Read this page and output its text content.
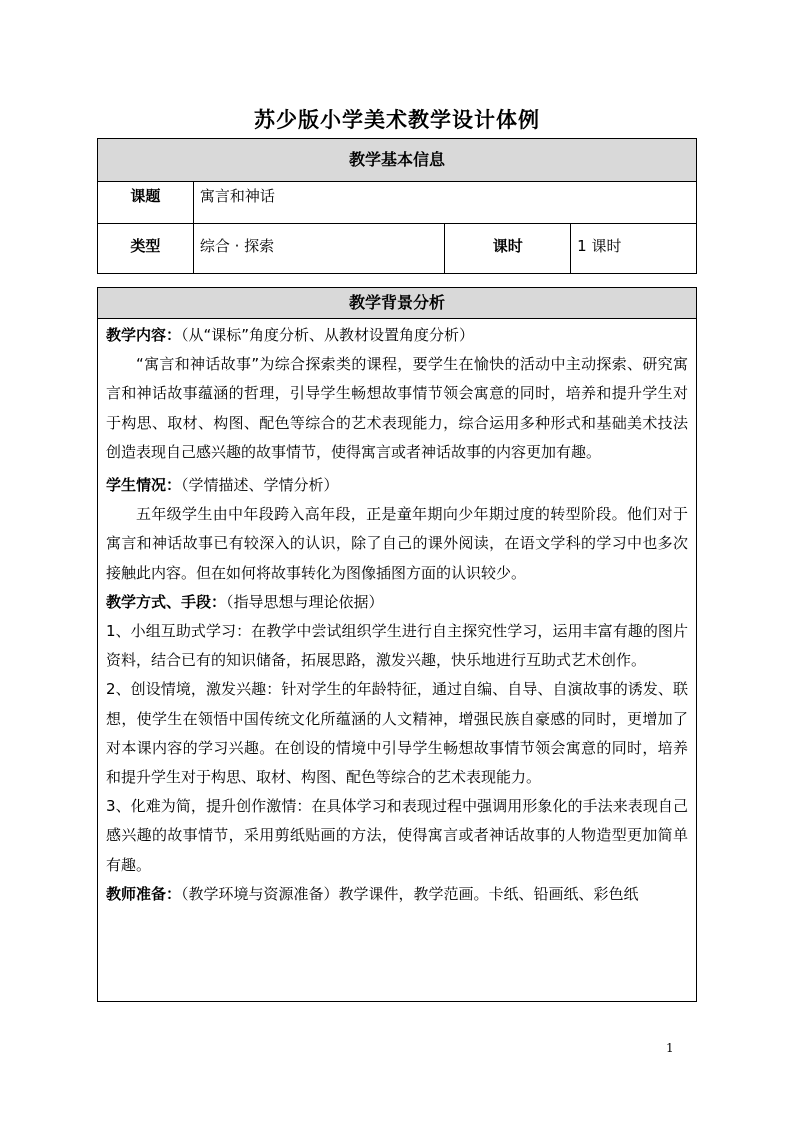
苏少版小学美术教学设计体例
教学基本信息			
课题	寓言和神话		
类型	综合 · 探索	课时	1 课时
教学背景分析

教学内容：（从“课标”角度分析、从教材设置角度分析）

“寓言和神话故事”为综合探索类的课程，要学生在愉快的活动中主动探索、研究寓言和神话故事蕴涵的哲理，引导学生畅想故事情节领会寓意的同时，培养和提升学生对于构思、取材、构图、配色等综合的艺术表现能力，综合运用多种形式和基础美术技法创造表现自己感兴趣的故事情节，使得寓言或者神话故事的内容更加有趣。

学生情况：（学情描述、学情分析）

五年级学生由中年段跨入高年段，正是童年期向少年期过度的转型阶段。他们对于寓言和神话故事已有较深入的认识，除了自己的课外阅读，在语文学科的学习中也多次接触此内容。但在如何将故事转化为图像插图方面的认识较少。

教学方式、手段：（指导思想与理论依据）

1、小组互助式学习：在教学中尝试组织学生进行自主探究性学习，运用丰富有趣的图片资料，结合已有的知识储备，拓展思路，激发兴趣，快乐地进行互助式艺术创作。

2、创设情境，激发兴趣：针对学生的年龄特征，通过自编、自导、自演故事的诱发、联想，使学生在领悟中国传统文化所蕴涵的人文精神，增强民族自豪感的同时，更增加了对本课内容的学习兴趣。在创设的情境中引导学生畅想故事情节领会寓意的同时，培养和提升学生对于构思、取材、构图、配色等综合的艺术表现能力。

3、化难为简，提升创作激情：在具体学习和表现过程中强调用形象化的手法来表现自己感兴趣的故事情节，采用剪纸贴画的方法，使得寓言或者神话故事的人物造型更加简单有趣。

教师准备：（教学环境与资源准备）教学课件，教学范画。卡纸、铅画纸、彩色纸

1
